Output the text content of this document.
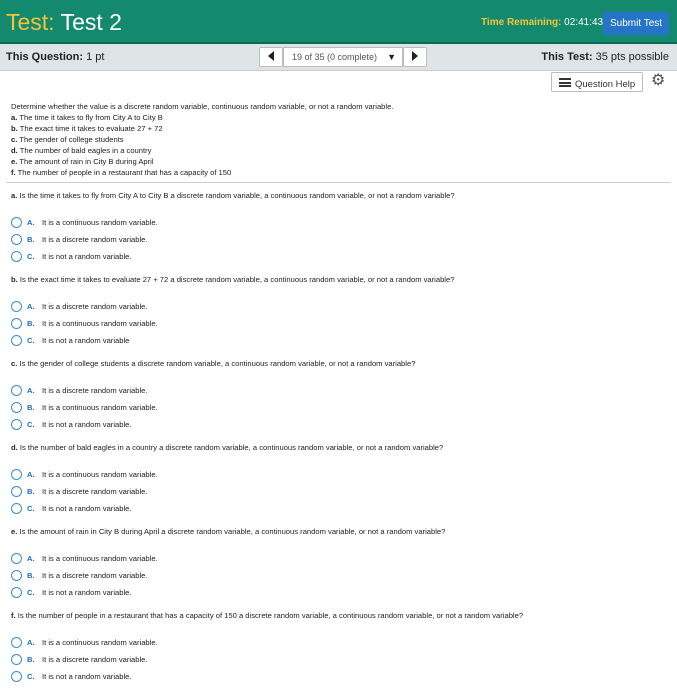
Test: Test 2	Time Remaining: 02:41:43 Submit Test
This Question: 1 pt	19 of 35 (0 complete) ▼	This Test: 35 pts possible
Question Help ⚙
Determine whether the value is a discrete random variable, continuous random variable, or not a random variable.
a. The time it takes to fly from City A to City B
b. The exact time it takes to evaluate 27 + 72
c. The gender of college students
d. The number of bald eagles in a country
e. The amount of rain in City B during April
f. The number of people in a restaurant that has a capacity of 150
a. Is the time it takes to fly from City A to City B a discrete random variable, a continuous random variable, or not a random variable?
A. It is a continuous random variable.
B. It is a discrete random variable.
C. It is not a random variable.
b. Is the exact time it takes to evaluate 27 + 72 a discrete random variable, a continuous random variable, or not a random variable?
A. It is a discrete random variable.
B. It is a continuous random variable.
C. It is not a random variable
c. Is the gender of college students a discrete random variable, a continuous random variable, or not a random variable?
A. It is a discrete random variable.
B. It is a continuous random variable.
C. It is not a random variable.
d. Is the number of bald eagles in a country a discrete random variable, a continuous random variable, or not a random variable?
A. It is a continuous random variable.
B. It is a discrete random variable.
C. It is not a random variable.
e. Is the amount of rain in City B during April a discrete random variable, a continuous random variable, or not a random variable?
A. It is a continuous random variable.
B. It is a discrete random variable.
C. It is not a random variable.
f. Is the number of people in a restaurant that has a capacity of 150 a discrete random variable, a continuous random variable, or not a random variable?
A. It is a continuous random variable.
B. It is a discrete random variable.
C. It is not a random variable.
